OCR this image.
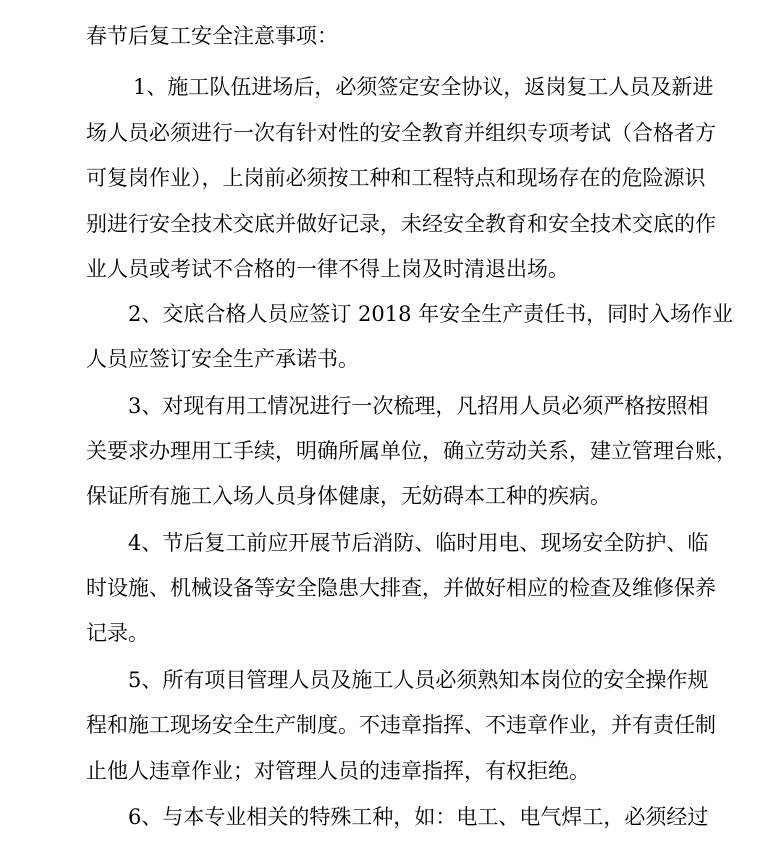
春节后复工安全注意事项：
1、施工队伍进场后，必须签定安全协议，返岗复工人员及新进
场人员必须进行一次有针对性的安全教育并组织专项考试（合格者方
可复岗作业），上岗前必须按工种和工程特点和现场存在的危险源识
别进行安全技术交底并做好记录，未经安全教育和安全技术交底的作
业人员或考试不合格的一律不得上岗及时清退出场。
2、交底合格人员应签订 2018 年安全生产责任书，同时入场作业
人员应签订安全生产承诺书。
3、对现有用工情况进行一次梳理，凡招用人员必须严格按照相
关要求办理用工手续，明确所属单位，确立劳动关系，建立管理台账，
保证所有施工入场人员身体健康，无妨碍本工种的疾病。
4、节后复工前应开展节后消防、临时用电、现场安全防护、临
时设施、机械设备等安全隐患大排查，并做好相应的检查及维修保养
记录。
5、所有项目管理人员及施工人员必须熟知本岗位的安全操作规
程和施工现场安全生产制度。不违章指挥、不违章作业，并有责任制
止他人违章作业；对管理人员的违章指挥，有权拒绝。
6、与本专业相关的特殊工种，如：电工、电气焊工，必须经过
